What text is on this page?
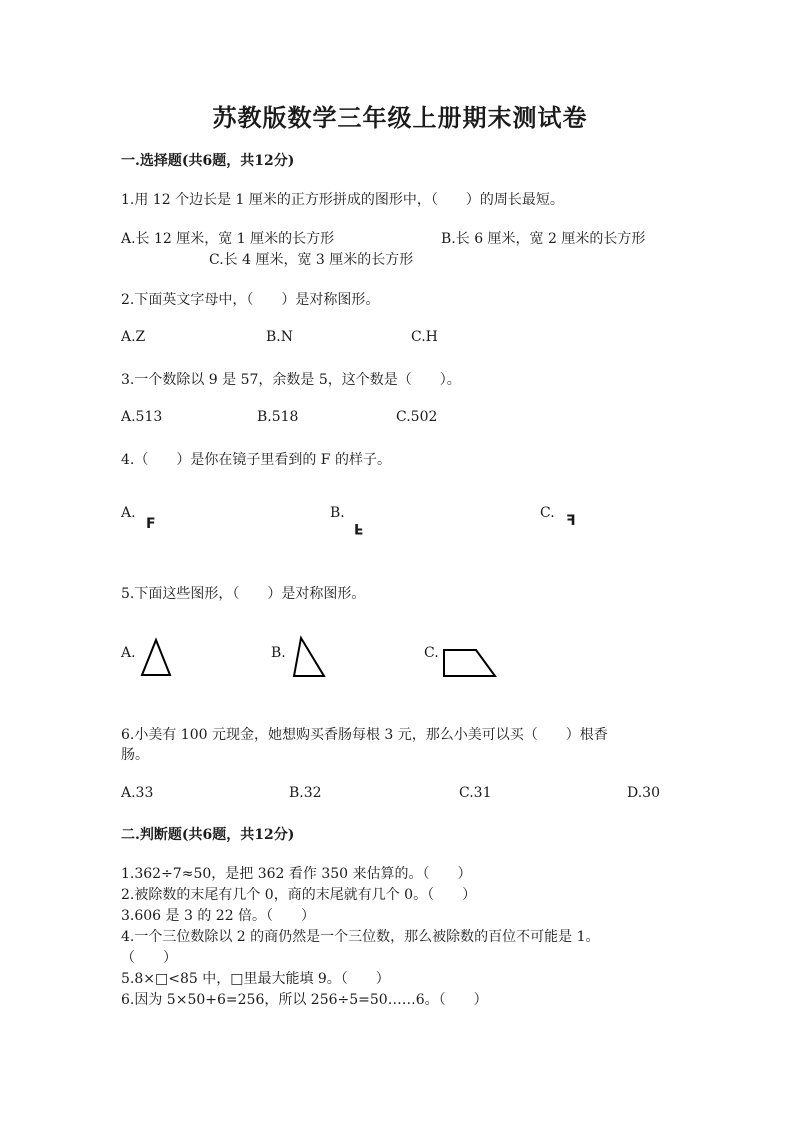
苏教版数学三年级上册期末测试卷
一.选择题(共6题，共12分)
1.用 12 个边长是 1 厘米的正方形拼成的图形中，（　　）的周长最短。
A.长 12 厘米，宽 1 厘米的长方形	B.长 6 厘米，宽 2 厘米的长方形
C.长 4 厘米，宽 3 厘米的长方形
2.下面英文字母中，（　　）是对称图形。
A.Z	B.N	C.H
3.一个数除以 9 是 57，余数是 5，这个数是（　　）。
A.513	B.518	C.502
4.（　　）是你在镜子里看到的 F 的样子。
A.
F
B.
F
C. F
5.下面这些图形，（　　）是对称图形。
A.	B.	C.
6.小美有 100 元现金，她想购买香肠每根 3 元，那么小美可以买（　　）根香
肠。
A.33	B.32	C.31	D.30
二.判断题(共6题，共12分)
1.362÷7≈50，是把 362 看作 350 来估算的。（　　）
2.被除数的末尾有几个 0，商的末尾就有几个 0。（　　）
3.606 是 3 的 22 倍。（　　）
4.一个三位数除以 2 的商仍然是一个三位数，那么被除数的百位不可能是 1。
（　　）
5.8×□<85 中，□里最大能填 9。（　　）
6.因为 5×50+6=256，所以 256÷5=50……6。（　　）
